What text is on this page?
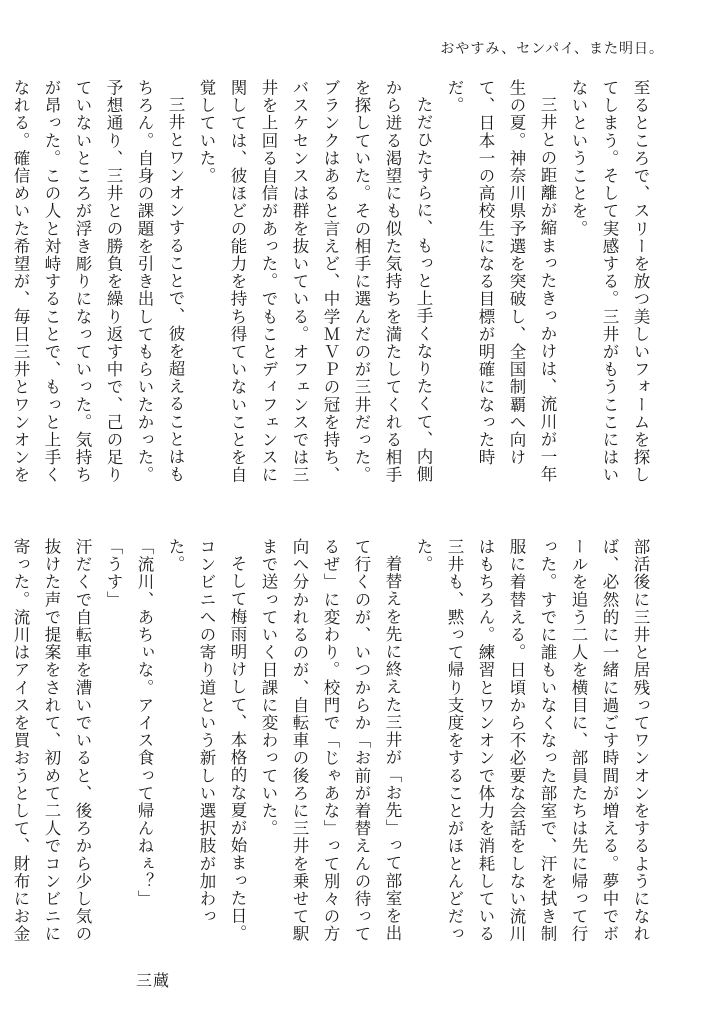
おやすみ、センパイ、また明日。

至るところで、スリーを放つ美しいフォームを探してしまう。そして実感する。三井がもうここにはいないということを。

三井との距離が縮まったきっかけは、流川が一年生の夏。神奈川県予選を突破し、全国制覇へ向けて、日本一の高校生になる目標が明確になった時だ。

ただひたすらに、もっと上手くなりたくて、内側から迸る渇望にも似た気持ちを満たしてくれる相手を探していた。その相手に選んだのが三井だった。ブランクはあると言えど、中学ＭＶＰの冠を持ち、バスケセンスは群を抜いている。オフェンスでは三井を上回る自信があった。でもことディフェンスに関しては、彼ほどの能力を持ち得ていないことを自覚していた。

三井とワンオンすることで、彼を超えることはもちろん。自身の課題を引き出してもらいたかった。予想通り、三井との勝負を繰り返す中で、己の足りていないところが浮き彫りになっていった。気持ちが昂った。この人と対峙することで、もっと上手くなれる。確信めいた希望が、毎日三井とワンオンを

部活後に三井と居残ってワンオンをするようになれば、必然的に一緒に過ごす時間が増える。夢中でボールを追う二人を横目に、部員たちは先に帰って行った。すでに誰もいなくなった部室で、汗を拭き制服に着替える。日頃から不必要な会話をしない流川はもちろん。練習とワンオンで体力を消耗している三井も、黙って帰り支度をすることがほとんどだった。

着替えを先に終えた三井が「お先」って部室を出て行くのが、いつからか「お前が着替えんの待ってるぜ」に変わり。校門で「じゃあな」って別々の方向へ分かれるのが、自転車の後ろに三井を乗せて駅まで送っていく日課に変わっていた。

そして梅雨明けして、本格的な夏が始まった日。コンビニへの寄り道という新しい選択肢が加わった。

「流川、あちぃな。アイス食って帰んねぇ？」

「うす」

汗だくで自転車を漕いでいると、後ろから少し気の抜けた声で提案をされて、初めて二人でコンビニに寄った。流川はアイスを買おうとして、財布にお金

三蔵
